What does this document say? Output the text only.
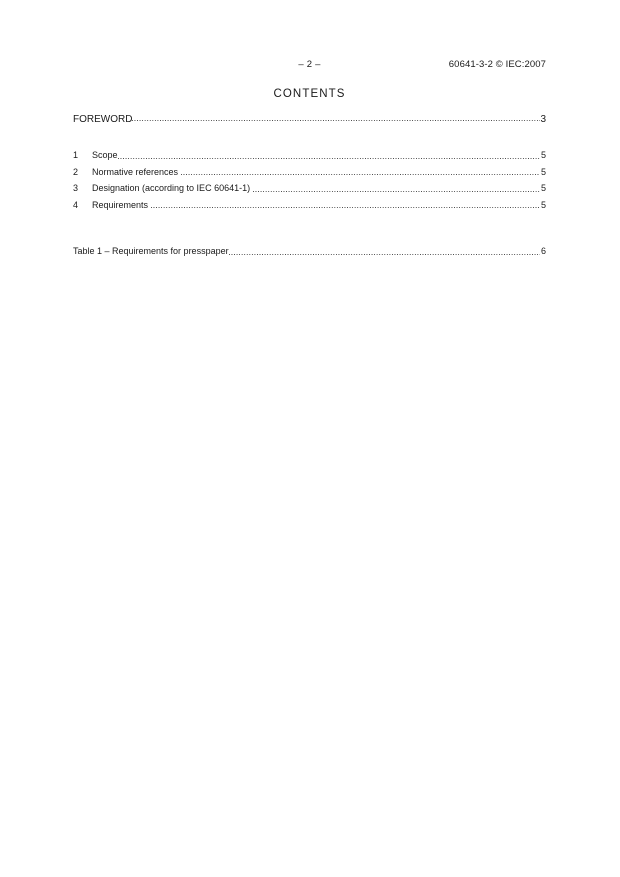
– 2 –	60641-3-2 © IEC:2007
CONTENTS
FOREWORD	3
1	Scope	5
2	Normative references	5
3	Designation (according to IEC 60641-1)	5
4	Requirements	5
Table 1 – Requirements for presspaper	6
